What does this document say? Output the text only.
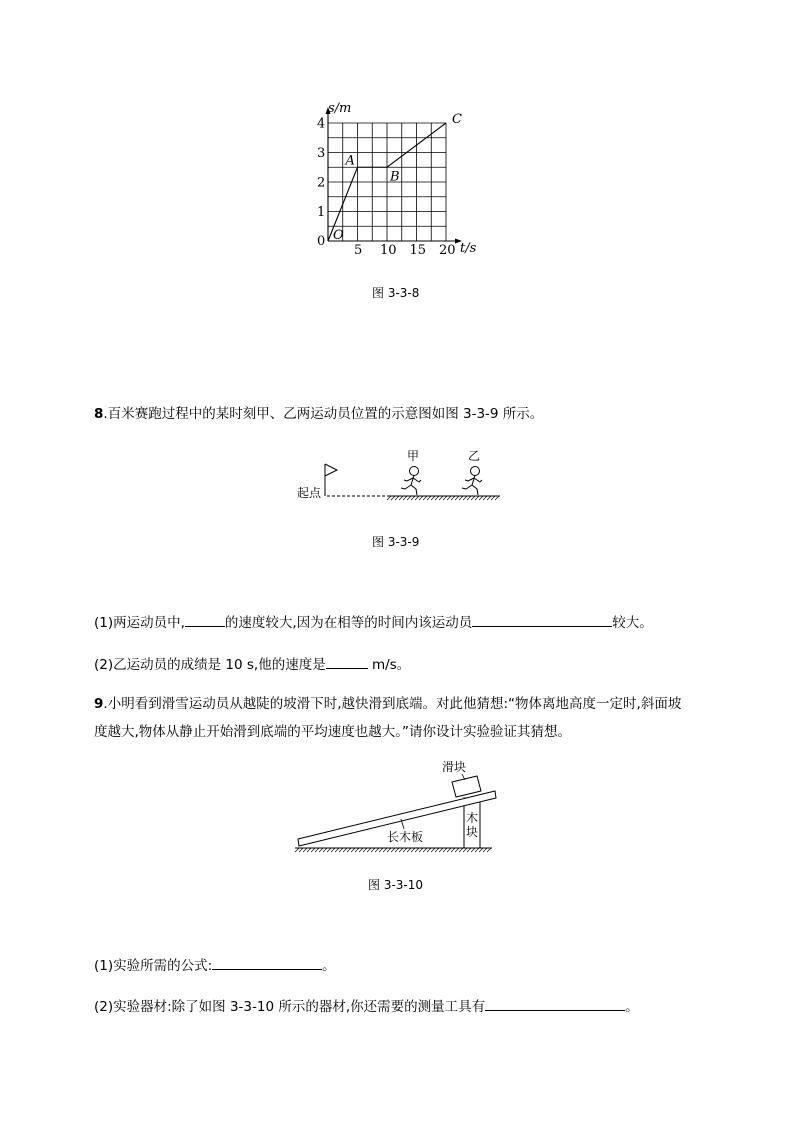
5 10 15 20
1
2
3
4
s/m
t/s
0 O
A
B
C
图 3-3-8
8.百米赛跑过程中的某时刻甲、乙两运动员位置的示意图如图 3-3-9 所示。
起点
甲	乙
图 3-3-9
(1)两运动员中,	的速度较大,因为在相等的时间内该运动员	较大。
(2)乙运动员的成绩是 10 s,他的速度是	m/s。
9.小明看到滑雪运动员从越陡的坡滑下时,越快滑到底端。对此他猜想:“物体离地高度一定时,斜面坡
度越大,物体从静止开始滑到底端的平均速度也越大。”请你设计实验验证其猜想。
木
块
滑块
长木板
图 3-3-10
(1)实验所需的公式:	。
(2)实验器材:除了如图 3-3-10 所示的器材,你还需要的测量工具有	。
